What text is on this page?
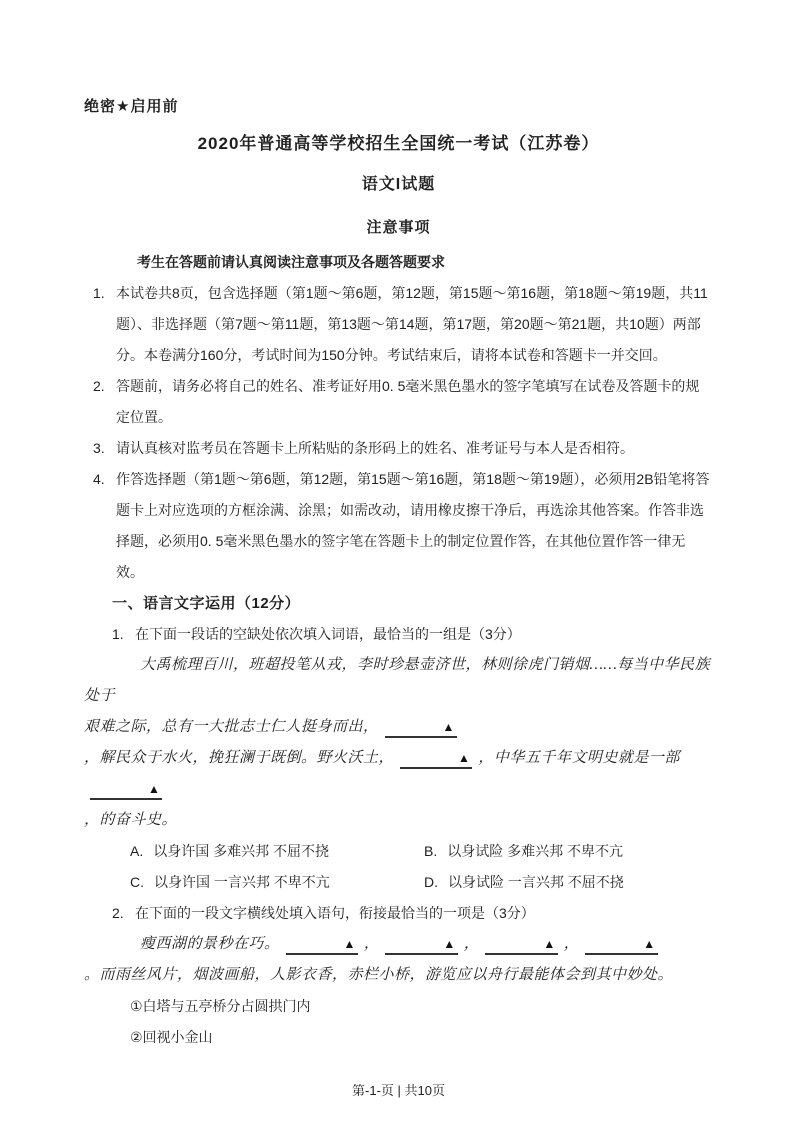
绝密★启用前
2020年普通高等学校招生全国统一考试（江苏卷）
语文I试题
注意事项
考生在答题前请认真阅读注意事项及各题答题要求
1. 本试卷共8页，包含选择题（第1题～第6题，第12题，第15题～第16题，第18题～第19题，共11题）、非选择题（第7题～第11题，第13题～第14题，第17题，第20题～第21题，共10题）两部分。本卷满分160分，考试时间为150分钟。考试结束后，请将本试卷和答题卡一并交回。
2. 答题前，请务必将自己的姓名、准考证好用0. 5毫米黑色墨水的签字笔填写在试卷及答题卡的规定位置。
3. 请认真核对监考员在答题卡上所粘贴的条形码上的姓名、准考证号与本人是否相符。
4. 作答选择题（第1题～第6题，第12题，第15题～第16题，第18题～第19题），必须用2B铅笔将答题卡上对应选项的方框涂满、涂黑；如需改动，请用橡皮擦干净后，再选涂其他答案。作答非选择题，必须用0. 5毫米黑色墨水的签字笔在答题卡上的制定位置作答，在其他位置作答一律无效。
一、语言文字运用（12分）
1. 在下面一段话的空缺处依次填入词语，最恰当的一组是（3分）
大禹梳理百川，班超投笔从戎，李时珍悬壶济世，林则徐虎门销烟……每当中华民族处于
艰难之际，总有一大批志士仁人挺身而出，	▲
，解民众于水火，挽狂澜于既倒。野火沃土，	▲ ，中华五千年文明史就是一部▲
，的奋斗史。
A. 以身许国 多难兴邦 不屈不挠	B. 以身试险 多难兴邦 不卑不亢
C. 以身许国 一言兴邦 不卑不亢	D. 以身试险 一言兴邦 不屈不挠
2. 在下面的一段文字横线处填入语句，衔接最恰当的一项是（3分）
瘦西湖的景秒在巧。	▲ ，	▲ ，	▲ ，	▲
。而雨丝风片，烟波画船，人影衣香，赤栏小桥，游览应以舟行最能体会到其中妙处。
①白塔与五亭桥分占圆拱门内
②回视小金山
第-1-页 | 共10页
